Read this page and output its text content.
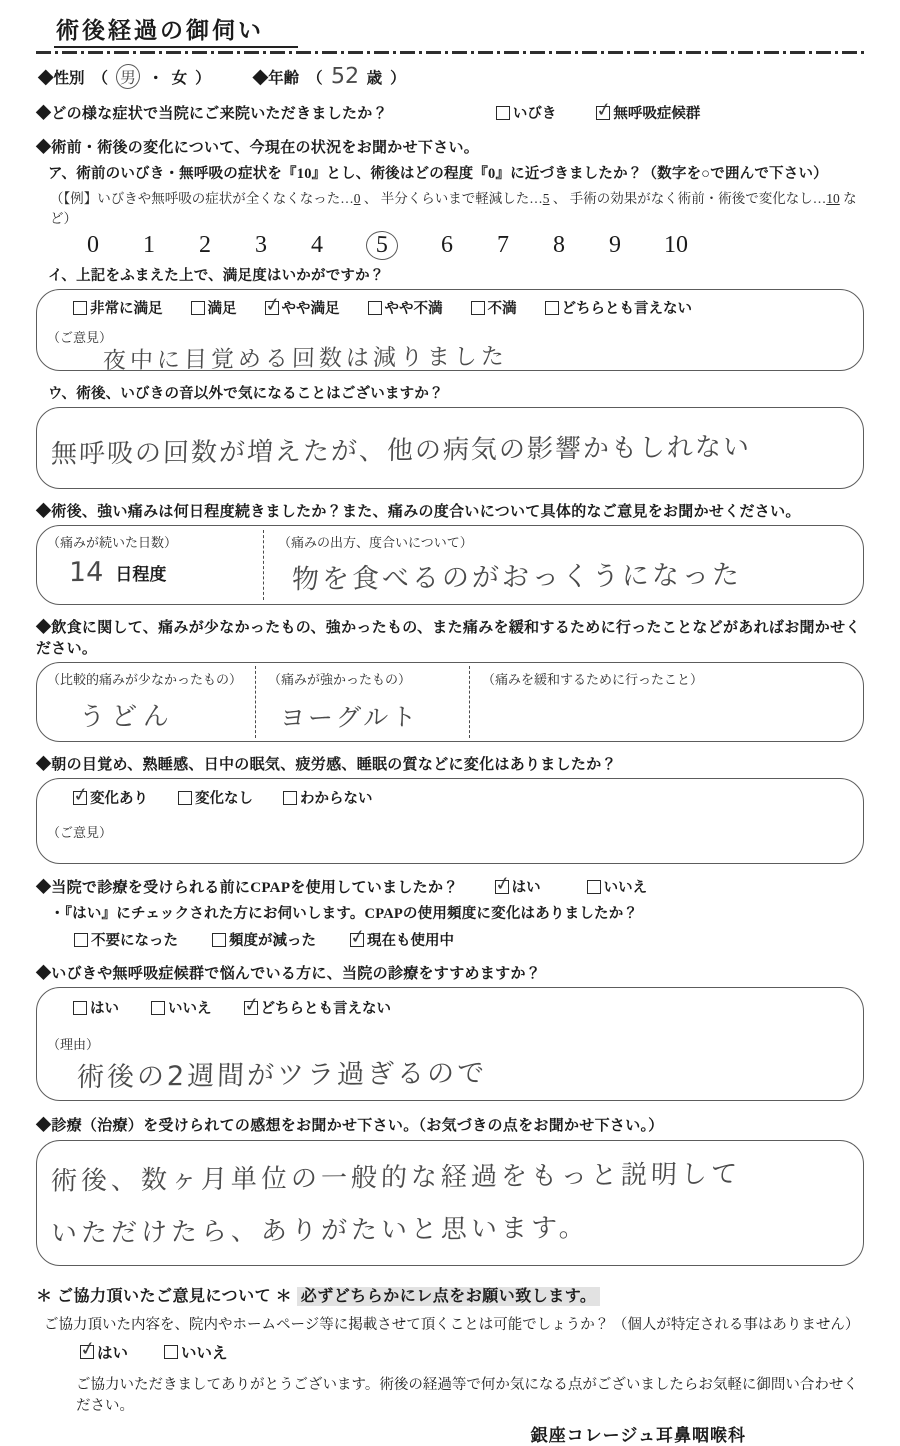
術後経過の御伺い
◆性別 （ 男 ・ 女 ）	◆年齢 （ 52 歳 ）
◆どの様な症状で当院にご来院いただきましたか？	いびき ✓	無呼吸症候群
◆術前・術後の変化について、今現在の状況をお聞かせ下さい。
ア、術前のいびき・無呼吸の症状を『10』とし、術後はどの程度『0』に近づきましたか？（数字を○で囲んで下さい）
（【例】いびきや無呼吸の症状が全くなくなった…0 、 半分くらいまで軽減した…5 、 手術の効果がなく術前・術後で変化なし…10 など）
0 1 2 3 4	5	6 7 8 9 10
イ、上記をふまえた上で、満足度はいかがですか？
非常に満足	満足 ✓	やや満足	やや不満	不満	どちらとも言えない
（ご意見）
夜中に目覚める回数は減りました
ウ、術後、いびきの音以外で気になることはございますか？
無呼吸の回数が増えたが、他の病気の影響かもしれない
◆術後、強い痛みは何日程度続きましたか？また、痛みの度合いについて具体的なご意見をお聞かせください。
（痛みが続いた日数）
14 日程度
（痛みの出方、度合いについて）
物を食べるのがおっくうになった
◆飲食に関して、痛みが少なかったもの、強かったもの、また痛みを緩和するために行ったことなどがあればお聞かせください。
（比較的痛みが少なかったもの）
うどん
（痛みが強かったもの）
ヨーグルト
（痛みを緩和するために行ったこと）
◆朝の目覚め、熟睡感、日中の眠気、疲労感、睡眠の質などに変化はありましたか？
✓
変化あり	変化なし	わからない
（ご意見）
◆当院で診療を受けられる前にCPAPを使用していましたか？ ✓	はい	いいえ
・『はい』にチェックされた方にお伺いします。CPAPの使用頻度に変化はありましたか？
不要になった	頻度が減った ✓	現在も使用中
◆いびきや無呼吸症候群で悩んでいる方に、当院の診療をすすめますか？
はい	いいえ ✓	どちらとも言えない
（理由）
術後の2週間がツラ過ぎるので
◆診療（治療）を受けられての感想をお聞かせ下さい。（お気づきの点をお聞かせ下さい。）
術後、数ヶ月単位の一般的な経過をもっと説明して いただけたら、ありがたいと思います。
＊ ご協力頂いたご意見について ＊ 必ずどちらかにレ点をお願い致します。
ご協力頂いた内容を、院内やホームページ等に掲載させて頂くことは可能でしょうか？ （個人が特定される事はありません）
✓
はい	いいえ
ご協力いただきましてありがとうございます。術後の経過等で何か気になる点がございましたらお気軽に御問い合わせください。
銀座コレージュ耳鼻咽喉科
